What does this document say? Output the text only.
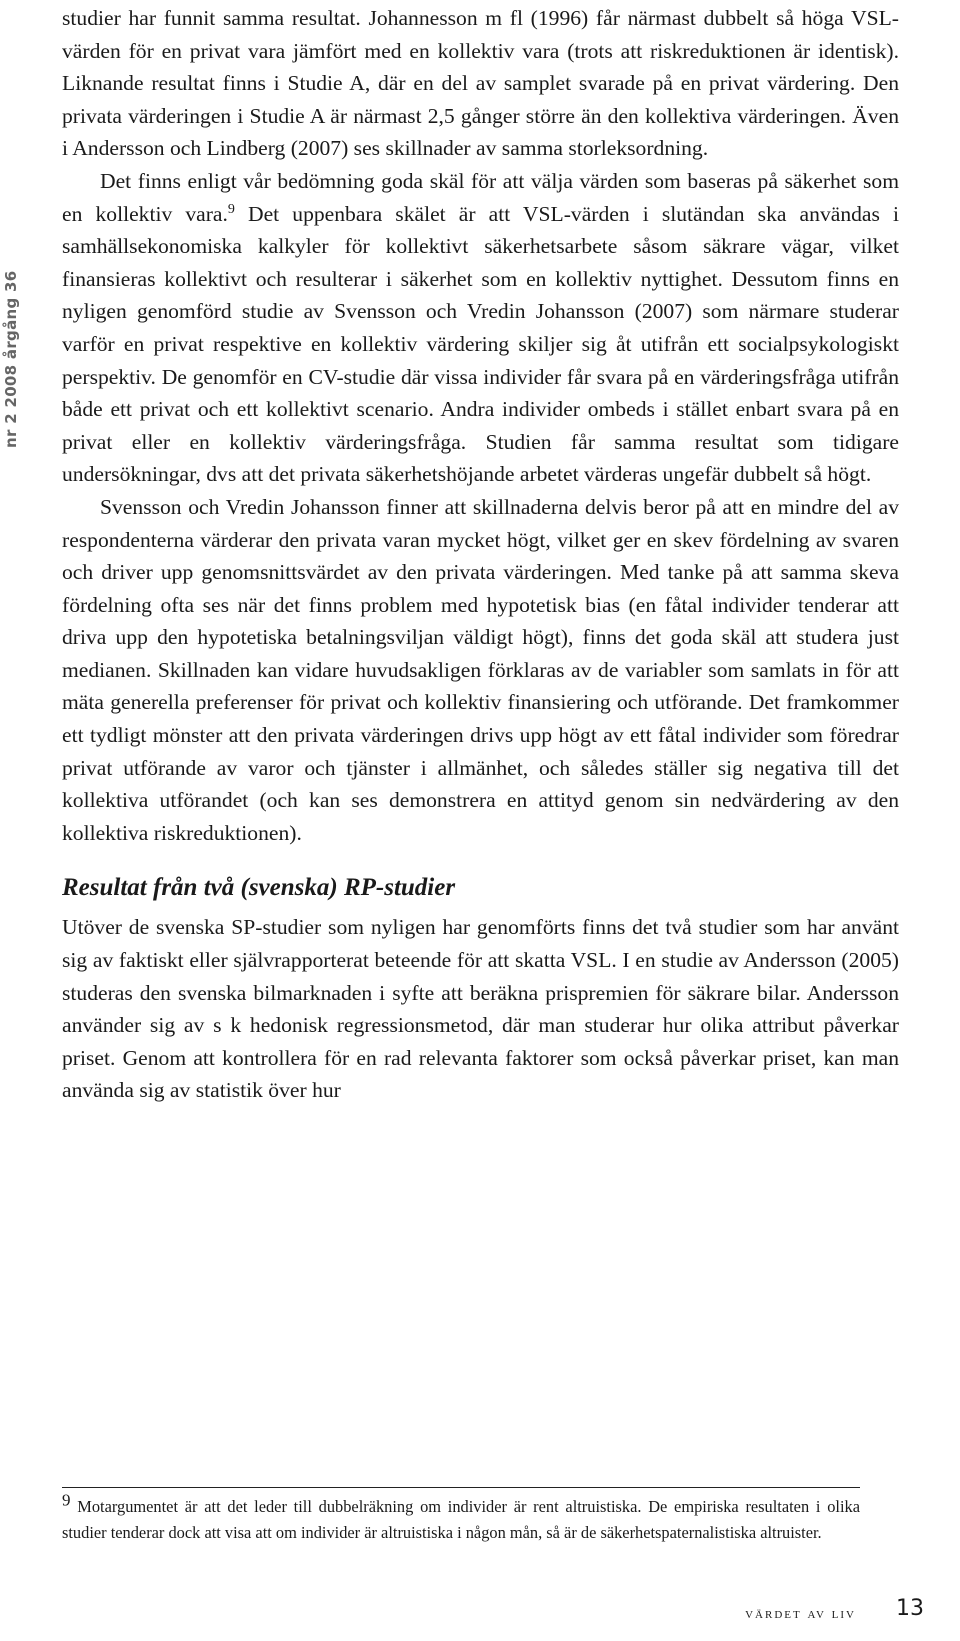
nr 2 2008 årgång 36

studier har funnit samma resultat. Johannesson m fl (1996) får närmast dubbelt så höga VSL-värden för en privat vara jämfört med en kollektiv vara (trots att riskreduktionen är identisk). Liknande resultat finns i Studie A, där en del av samplet svarade på en privat värdering. Den privata värderingen i Studie A är närmast 2,5 gånger större än den kollektiva värderingen. Även i Andersson och Lindberg (2007) ses skillnader av samma storleksordning.

Det finns enligt vår bedömning goda skäl för att välja värden som baseras på säkerhet som en kollektiv vara.$^9$ Det uppenbara skälet är att VSL-värden i slutändan ska användas i samhällsekonomiska kalkyler för kollektivt säkerhetsarbete såsom säkrare vägar, vilket finansieras kollektivt och resulterar i säkerhet som en kollektiv nyttighet. Dessutom finns en nyligen genomförd studie av Svensson och Vredin Johansson (2007) som närmare studerar varför en privat respektive en kollektiv värdering skiljer sig åt utifrån ett socialpsykologiskt perspektiv. De genomför en CV-studie där vissa individer får svara på en värderingsfråga utifrån både ett privat och ett kollektivt scenario. Andra individer ombeds i stället enbart svara på en privat eller en kollektiv värderingsfråga. Studien får samma resultat som tidigare undersökningar, dvs att det privata säkerhetshöjande arbetet värderas ungefär dubbelt så högt.

Svensson och Vredin Johansson finner att skillnaderna delvis beror på att en mindre del av respondenterna värderar den privata varan mycket högt, vilket ger en skev fördelning av svaren och driver upp genomsnittsvärdet av den privata värderingen. Med tanke på att samma skeva fördelning ofta ses när det finns problem med hypotetisk bias (en fåtal individer tenderar att driva upp den hypotetiska betalningsviljan väldigt högt), finns det goda skäl att studera just medianen. Skillnaden kan vidare huvudsakligen förklaras av de variabler som samlats in för att mäta generella preferenser för privat och kollektiv finansiering och utförande. Det framkommer ett tydligt mönster att den privata värderingen drivs upp högt av ett fåtal individer som föredrar privat utförande av varor och tjänster i allmänhet, och således ställer sig negativa till det kollektiva utförandet (och kan ses demonstrera en attityd genom sin nedvärdering av den kollektiva riskreduktionen).

Resultat från två (svenska) RP-studier

Utöver de svenska SP-studier som nyligen har genomförts finns det två studier som har använt sig av faktiskt eller självrapporterat beteende för att skatta VSL. I en studie av Andersson (2005) studeras den svenska bilmarknaden i syfte att beräkna prispremien för säkrare bilar. Andersson använder sig av s k hedonisk regressionsmetod, där man studerar hur olika attribut påverkar priset. Genom att kontrollera för en rad relevanta faktorer som också påverkar priset, kan man använda sig av statistik över hur

9 Motargumentet är att det leder till dubbelräkning om individer är rent altruistiska. De empiriska resultaten i olika studier tenderar dock att visa att om individer är altruistiska i någon mån, så är de säkerhetspaternalistiska altruister.

värdet av liv 13
